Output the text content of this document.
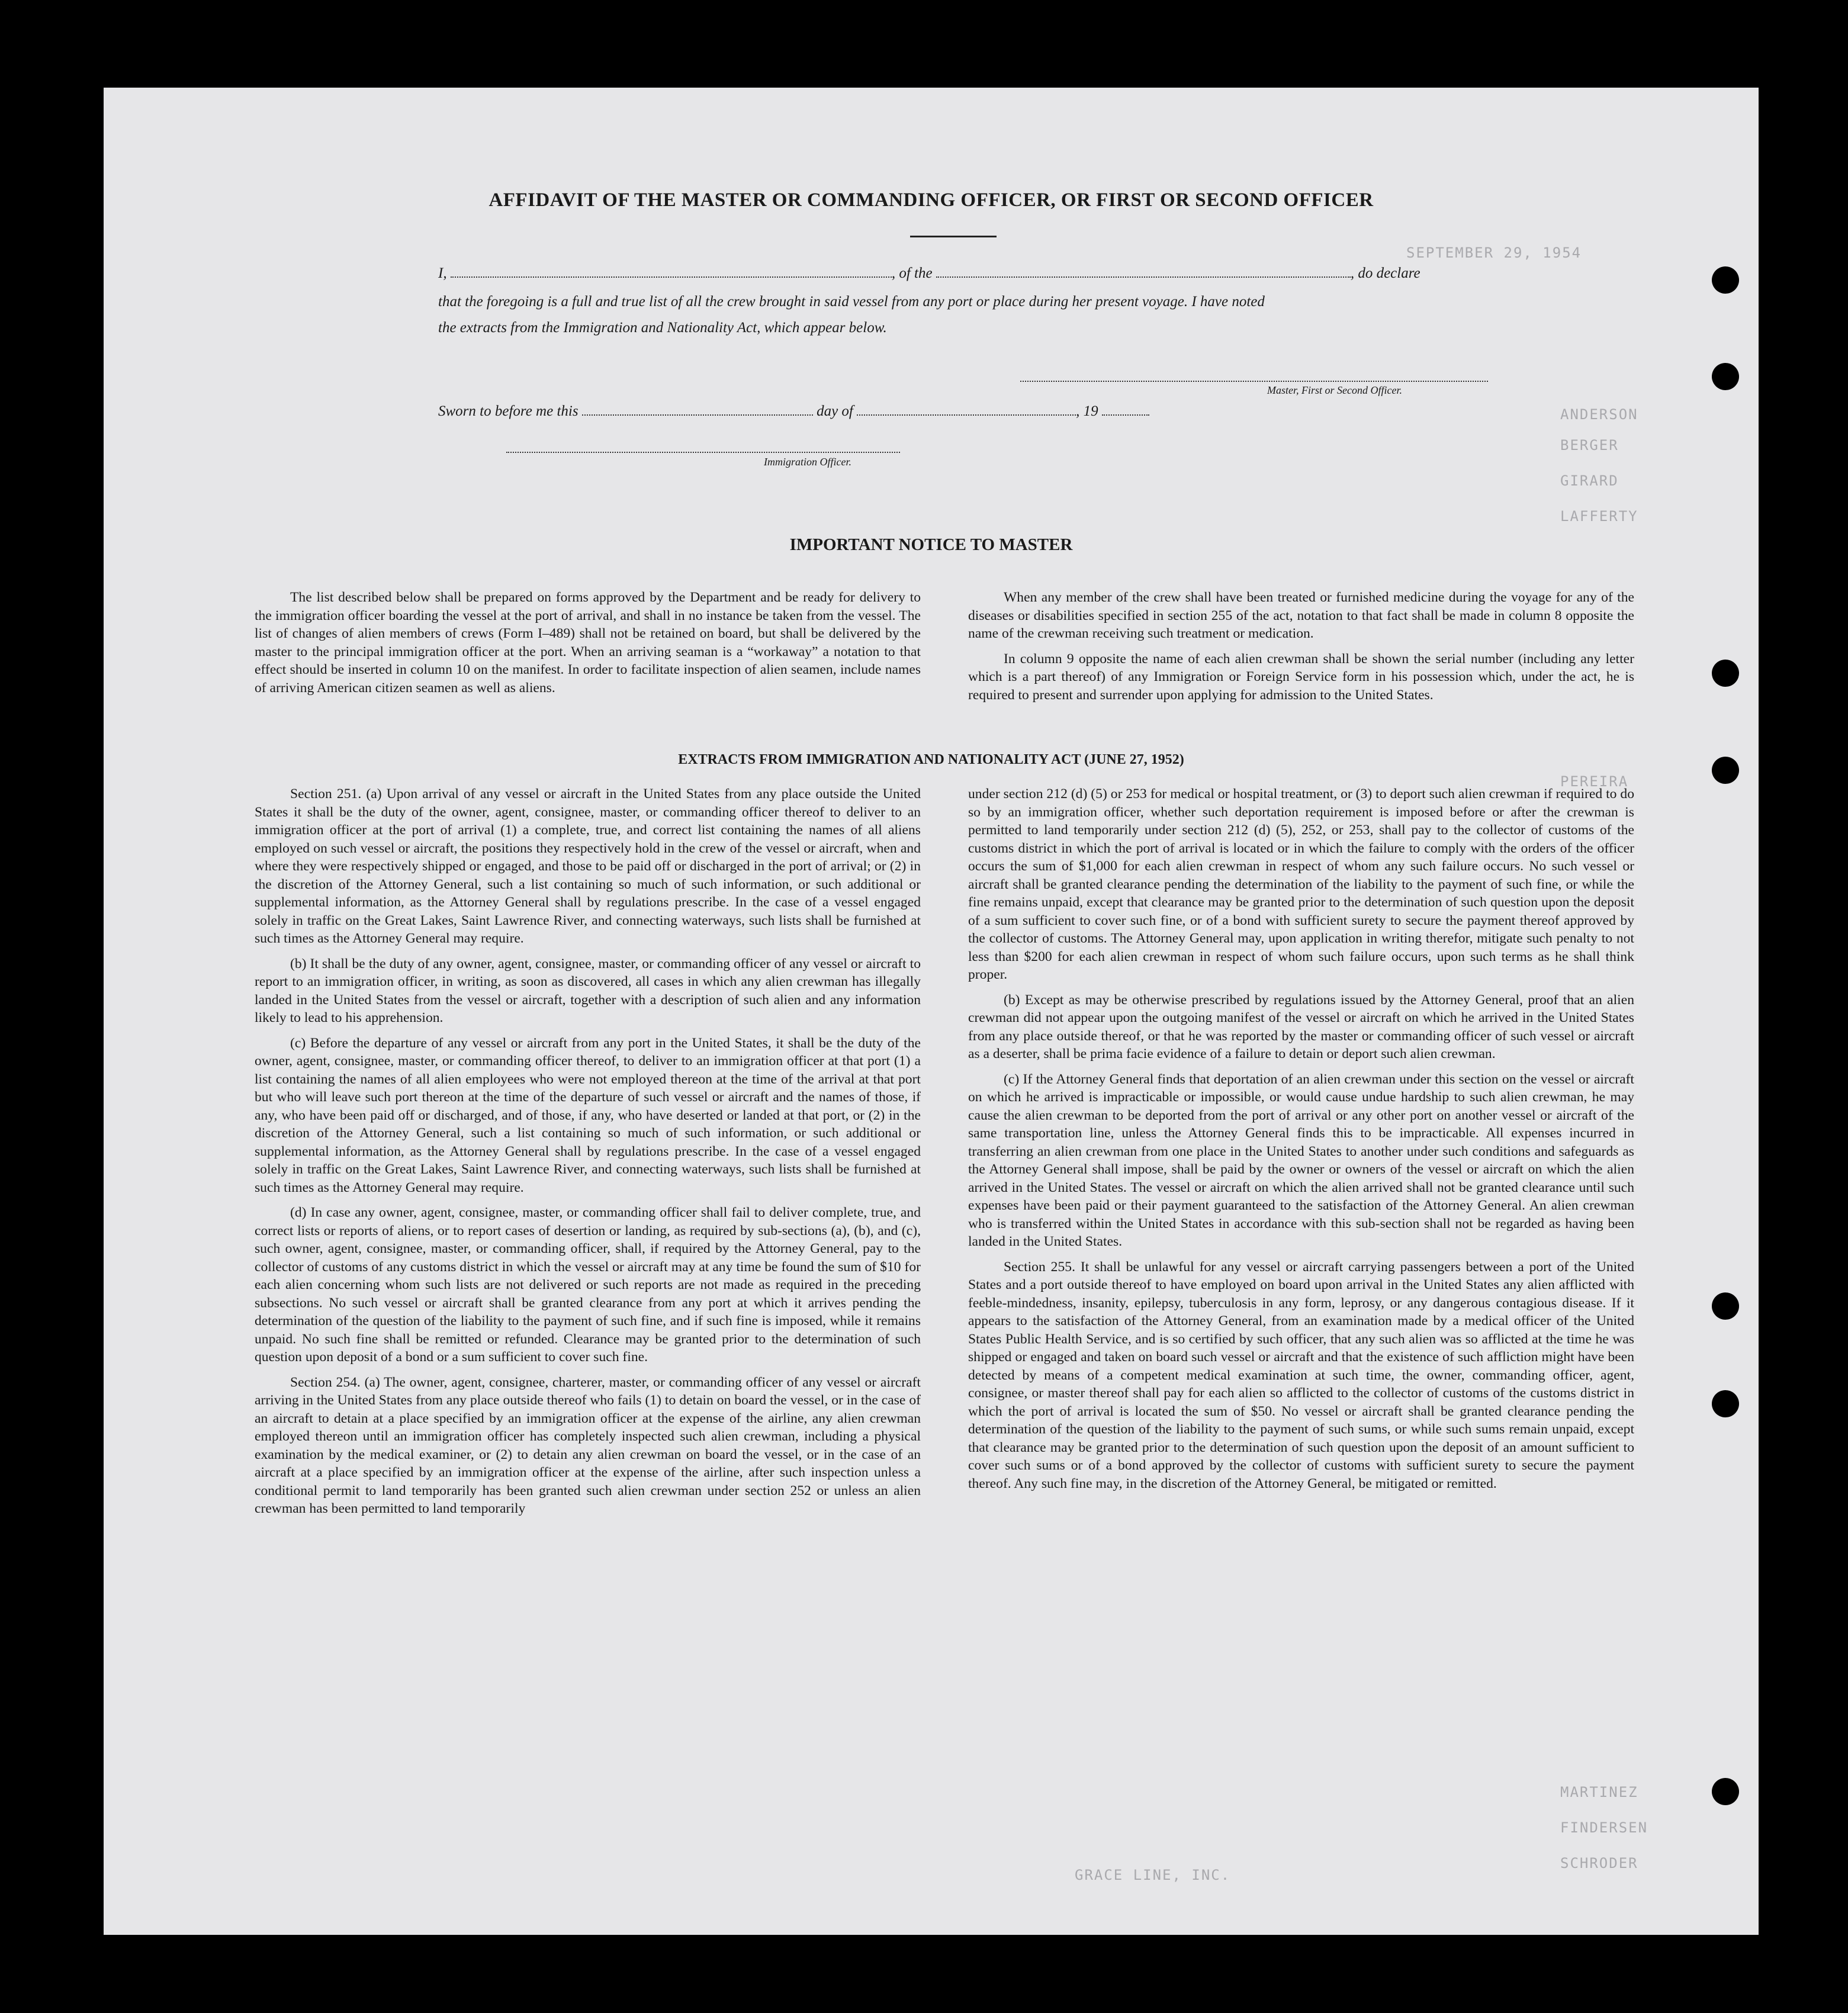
SEPTEMBER 29, 1954
ANDERSON
BERGER
GIRARD
LAFFERTY
PEREIRA
MARTINEZ
FINDERSEN
SCHRODER
GRACE LINE, INC.
AFFIDAVIT OF THE MASTER OR COMMANDING OFFICER, OR FIRST OR SECOND OFFICER
I,	, of the	, do declare
that the foregoing is a full and true list of all the crew brought in said vessel from any port or place during her present voyage. I have noted
the extracts from the Immigration and Nationality Act, which appear below.
Master, First or Second Officer.
Sworn to before me this	day of	, 19
Immigration Officer.
IMPORTANT NOTICE TO MASTER

The list described below shall be prepared on forms approved by the Department and be ready for delivery to the immigration officer boarding the vessel at the port of arrival, and shall in no instance be taken from the vessel. The list of changes of alien members of crews (Form I–489) shall not be retained on board, but shall be delivered by the master to the principal immigration officer at the port. When an arriving seaman is a “workaway” a notation to that effect should be inserted in column 10 on the manifest. In order to facilitate inspection of alien seamen, include names of arriving American citizen seamen as well as aliens.

When any member of the crew shall have been treated or furnished medicine during the voyage for any of the diseases or disabilities specified in section 255 of the act, notation to that fact shall be made in column 8 opposite the name of the crewman receiving such treatment or medication.

In column 9 opposite the name of each alien crewman shall be shown the serial number (including any letter which is a part thereof) of any Immigration or Foreign Service form in his possession which, under the act, he is required to present and surrender upon applying for admission to the United States.

EXTRACTS FROM IMMIGRATION AND NATIONALITY ACT (JUNE 27, 1952)

Section 251. (a) Upon arrival of any vessel or aircraft in the United States from any place outside the United States it shall be the duty of the owner, agent, consignee, master, or commanding officer thereof to deliver to an immigration officer at the port of arrival (1) a complete, true, and correct list containing the names of all aliens employed on such vessel or aircraft, the positions they respectively hold in the crew of the vessel or aircraft, when and where they were respectively shipped or engaged, and those to be paid off or discharged in the port of arrival; or (2) in the discretion of the Attorney General, such a list containing so much of such information, or such additional or supplemental information, as the Attorney General shall by regulations prescribe. In the case of a vessel engaged solely in traffic on the Great Lakes, Saint Lawrence River, and connecting waterways, such lists shall be furnished at such times as the Attorney General may require.

(b) It shall be the duty of any owner, agent, consignee, master, or commanding officer of any vessel or aircraft to report to an immigration officer, in writing, as soon as discovered, all cases in which any alien crewman has illegally landed in the United States from the vessel or aircraft, together with a description of such alien and any information likely to lead to his apprehension.

(c) Before the departure of any vessel or aircraft from any port in the United States, it shall be the duty of the owner, agent, consignee, master, or commanding officer thereof, to deliver to an immigration officer at that port (1) a list containing the names of all alien employees who were not employed thereon at the time of the arrival at that port but who will leave such port thereon at the time of the departure of such vessel or aircraft and the names of those, if any, who have been paid off or discharged, and of those, if any, who have deserted or landed at that port, or (2) in the discretion of the Attorney General, such a list containing so much of such information, or such additional or supplemental information, as the Attorney General shall by regulations prescribe. In the case of a vessel engaged solely in traffic on the Great Lakes, Saint Lawrence River, and connecting waterways, such lists shall be furnished at such times as the Attorney General may require.

(d) In case any owner, agent, consignee, master, or commanding officer shall fail to deliver complete, true, and correct lists or reports of aliens, or to report cases of desertion or landing, as required by sub-sections (a), (b), and (c), such owner, agent, consignee, master, or commanding officer, shall, if required by the Attorney General, pay to the collector of customs of any customs district in which the vessel or aircraft may at any time be found the sum of $10 for each alien concerning whom such lists are not delivered or such reports are not made as required in the preceding subsections. No such vessel or aircraft shall be granted clearance from any port at which it arrives pending the determination of the question of the liability to the payment of such fine, and if such fine is imposed, while it remains unpaid. No such fine shall be remitted or refunded. Clearance may be granted prior to the determination of such question upon deposit of a bond or a sum sufficient to cover such fine.

Section 254. (a) The owner, agent, consignee, charterer, master, or commanding officer of any vessel or aircraft arriving in the United States from any place outside thereof who fails (1) to detain on board the vessel, or in the case of an aircraft to detain at a place specified by an immigration officer at the expense of the airline, any alien crewman employed thereon until an immigration officer has completely inspected such alien crewman, including a physical examination by the medical examiner, or (2) to detain any alien crewman on board the vessel, or in the case of an aircraft at a place specified by an immigration officer at the expense of the airline, after such inspection unless a conditional permit to land temporarily has been granted such alien crewman under section 252 or unless an alien crewman has been permitted to land temporarily

under section 212 (d) (5) or 253 for medical or hospital treatment, or (3) to deport such alien crewman if required to do so by an immigration officer, whether such deportation requirement is imposed before or after the crewman is permitted to land temporarily under section 212 (d) (5), 252, or 253, shall pay to the collector of customs of the customs district in which the port of arrival is located or in which the failure to comply with the orders of the officer occurs the sum of $1,000 for each alien crewman in respect of whom any such failure occurs. No such vessel or aircraft shall be granted clearance pending the determination of the liability to the payment of such fine, or while the fine remains unpaid, except that clearance may be granted prior to the determination of such question upon the deposit of a sum sufficient to cover such fine, or of a bond with sufficient surety to secure the payment thereof approved by the collector of customs. The Attorney General may, upon application in writing therefor, mitigate such penalty to not less than $200 for each alien crewman in respect of whom such failure occurs, upon such terms as he shall think proper.

(b) Except as may be otherwise prescribed by regulations issued by the Attorney General, proof that an alien crewman did not appear upon the outgoing manifest of the vessel or aircraft on which he arrived in the United States from any place outside thereof, or that he was reported by the master or commanding officer of such vessel or aircraft as a deserter, shall be prima facie evidence of a failure to detain or deport such alien crewman.

(c) If the Attorney General finds that deportation of an alien crewman under this section on the vessel or aircraft on which he arrived is impracticable or impossible, or would cause undue hardship to such alien crewman, he may cause the alien crewman to be deported from the port of arrival or any other port on another vessel or aircraft of the same transportation line, unless the Attorney General finds this to be impracticable. All expenses incurred in transferring an alien crewman from one place in the United States to another under such conditions and safeguards as the Attorney General shall impose, shall be paid by the owner or owners of the vessel or aircraft on which the alien arrived in the United States. The vessel or aircraft on which the alien arrived shall not be granted clearance until such expenses have been paid or their payment guaranteed to the satisfaction of the Attorney General. An alien crewman who is transferred within the United States in accordance with this sub-section shall not be regarded as having been landed in the United States.

Section 255. It shall be unlawful for any vessel or aircraft carrying passengers between a port of the United States and a port outside thereof to have employed on board upon arrival in the United States any alien afflicted with feeble-mindedness, insanity, epilepsy, tuberculosis in any form, leprosy, or any dangerous contagious disease. If it appears to the satisfaction of the Attorney General, from an examination made by a medical officer of the United States Public Health Service, and is so certified by such officer, that any such alien was so afflicted at the time he was shipped or engaged and taken on board such vessel or aircraft and that the existence of such affliction might have been detected by means of a competent medical examination at such time, the owner, commanding officer, agent, consignee, or master thereof shall pay for each alien so afflicted to the collector of customs of the customs district in which the port of arrival is located the sum of $50. No vessel or aircraft shall be granted clearance pending the determination of the question of the liability to the payment of such sums, or while such sums remain unpaid, except that clearance may be granted prior to the determination of such question upon the deposit of an amount sufficient to cover such sums or of a bond approved by the collector of customs with sufficient surety to secure the payment thereof. Any such fine may, in the discretion of the Attorney General, be mitigated or remitted.
